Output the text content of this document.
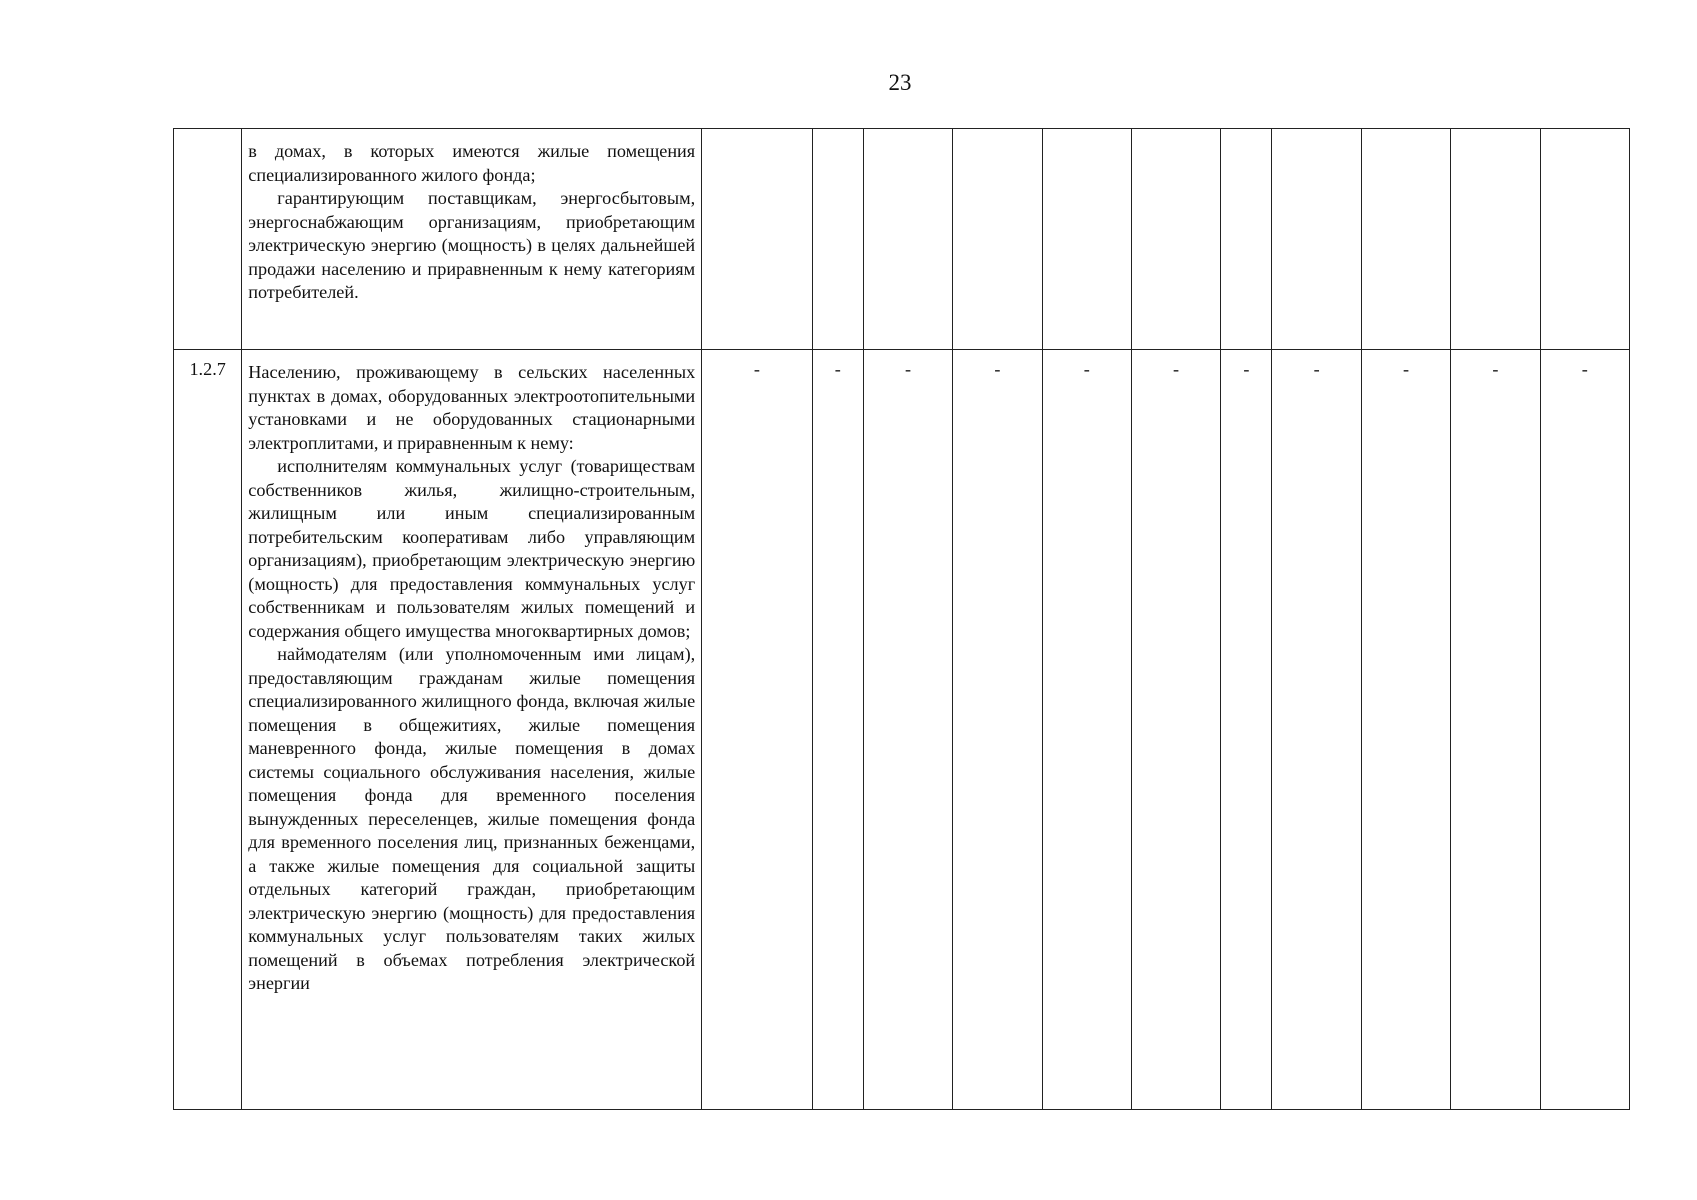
23

	в домах, в которых имеются жилые помещения специализированного жилого фонда;

гарантирующим поставщикам, энергосбытовым, энергоснабжающим организациям, приобретающим электрическую энергию (мощность) в целях дальнейшей продажи населению и приравненным к нему категориям потребителей.											

1.2.7	Населению, проживающему в сельских населенных пунктах в домах, оборудованных электроотопительными установками и не оборудованных стационарными электроплитами, и приравненным к нему:

исполнителям коммунальных услуг (товариществам собственников жилья, жилищно-строительным, жилищным или иным специализированным потребительским кооперативам либо управляющим организациям), приобретающим электрическую энергию (мощность) для предоставления коммунальных услуг собственникам и пользователям жилых помещений и содержания общего имущества многоквартирных домов;

наймодателям (или уполномоченным ими лицам), предоставляющим гражданам жилые помещения специализированного жилищного фонда, включая жилые помещения в общежитиях, жилые помещения маневренного фонда, жилые помещения в домах системы социального обслуживания населения, жилые помещения фонда для временного поселения вынужденных переселенцев, жилые помещения фонда для временного поселения лиц, признанных беженцами, а также жилые помещения для социальной защиты отдельных категорий граждан, приобретающим электрическую энергию (мощность) для предоставления коммунальных услуг пользователям таких жилых помещений в объемах потребления электрической энергии	-	-	-	-	-	-	-	-	-	-	-
